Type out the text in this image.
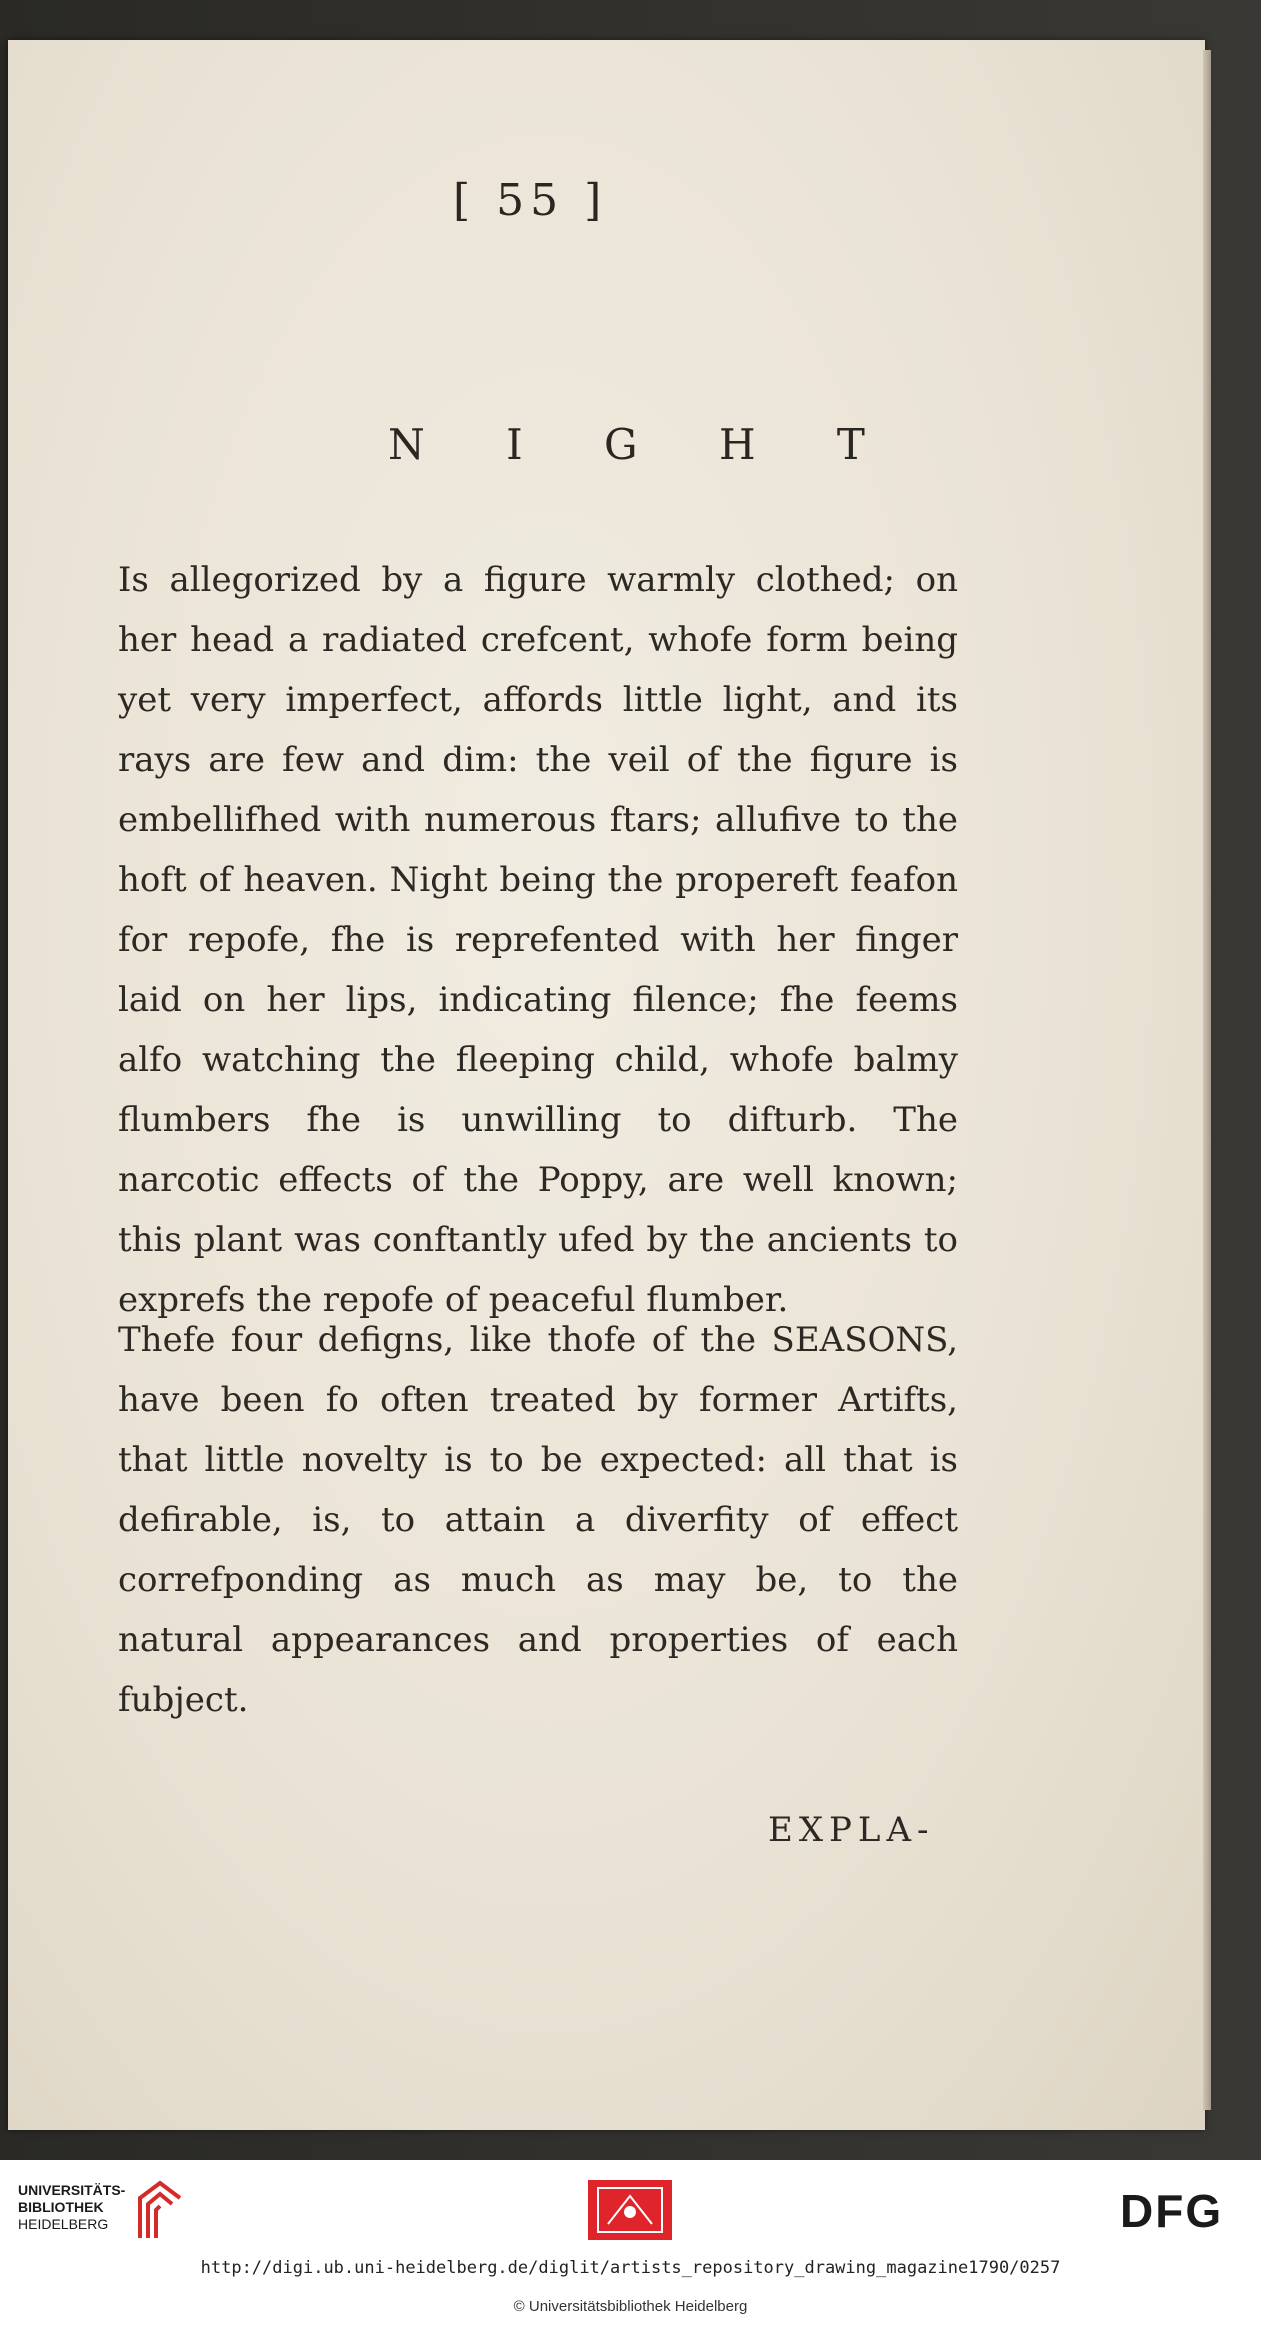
[ 55 ]
N I G H T

Is allegorized by a figure warmly clothed; on her head a radiated crefcent, whofe form being yet very imperfect, affords little light, and its rays are few and dim: the veil of the figure is embellifhed with numerous ftars; allufive to the hoft of heaven. Night being the propereft feafon for repofe, fhe is reprefented with her finger laid on her lips, indicating filence; fhe feems alfo watching the fleeping child, whofe balmy flumbers fhe is unwilling to difturb. The narcotic effects of the Poppy, are well known; this plant was conftantly ufed by the ancients to exprefs the repofe of peaceful flumber.

Thefe four defigns, like thofe of the SEASONS, have been fo often treated by former Artifts, that little novelty is to be expected: all that is defirable, is, to attain a diverfity of effect correfponding as much as may be, to the natural appearances and properties of each fubject.

EXPLA-
UNIVERSITÄTS-
BIBLIOTHEK
HEIDELBERG	DFG
http://digi.ub.uni-heidelberg.de/diglit/artists_repository_drawing_magazine1790/0257
© Universitätsbibliothek Heidelberg
